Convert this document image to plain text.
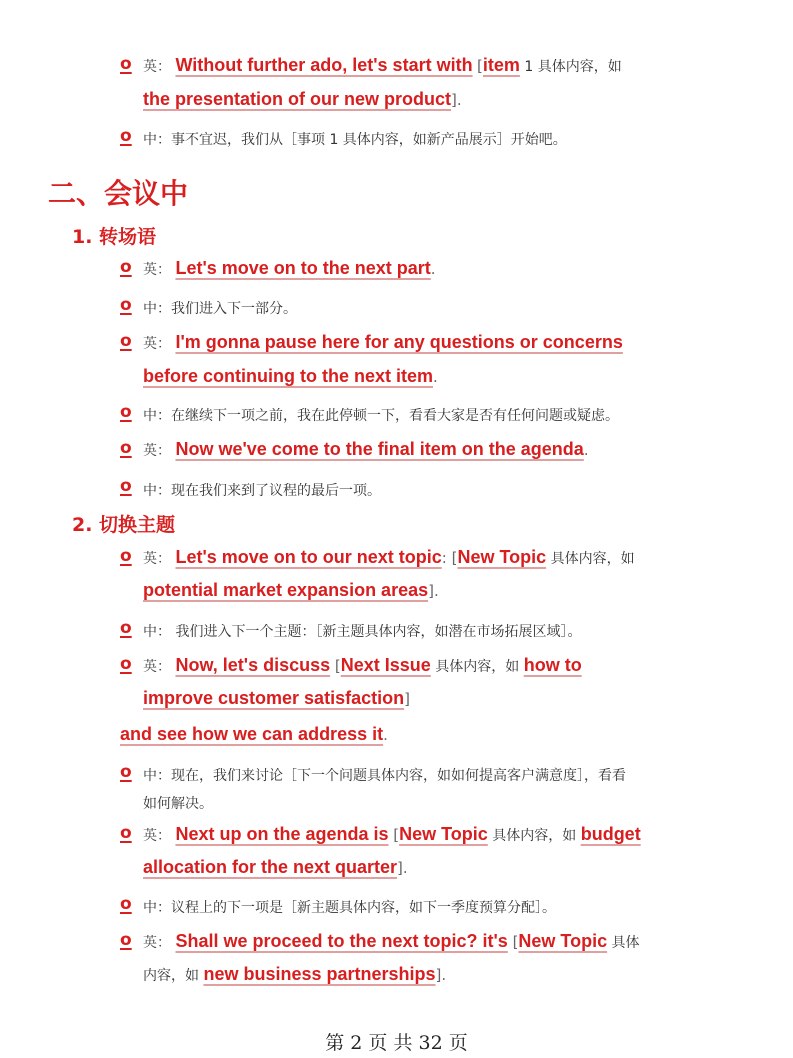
o 英： Without further ado, let's start with [item 1 具体内容，如
the presentation of our new product].
o 中：事不宜迟，我们从［事项 1 具体内容，如新产品展示］开始吧。
二、会议中
1. 转场语
o 英： Let's move on to the next part.
o 中：我们进入下一部分。
o 英： I'm gonna pause here for any questions or concerns
before continuing to the next item.
o 中：在继续下一项之前，我在此停顿一下，看看大家是否有任何问题或疑虑。
o 英： Now we've come to the final item on the agenda.
o 中：现在我们来到了议程的最后一项。
2. 切换主题
o 英： Let's move on to our next topic: [New Topic 具体内容，如
potential market expansion areas].
o 中： 我们进入下一个主题：［新主题具体内容，如潜在市场拓展区域］。
o 英： Now, let's discuss [Next Issue 具体内容，如 how to
improve customer satisfaction]
and see how we can address it.
o 中：现在，我们来讨论［下一个问题具体内容，如如何提高客户满意度］，看看
如何解决。
o 英： Next up on the agenda is [New Topic 具体内容，如 budget
allocation for the next quarter].
o 中：议程上的下一项是［新主题具体内容，如下一季度预算分配］。
o 英： Shall we proceed to the next topic? it's [New Topic 具体
内容，如 new business partnerships].
第 2 页 共 32 页
